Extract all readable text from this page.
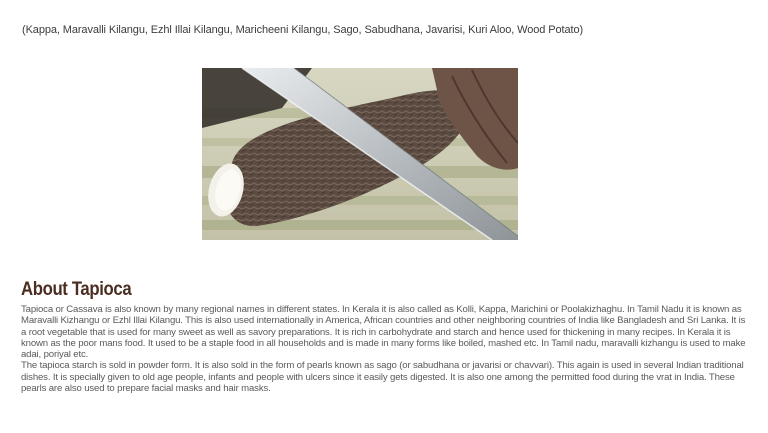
(Kappa, Maravalli Kilangu, Ezhl Illai Kilangu, Maricheeni Kilangu, Sago, Sabudhana, Javarisi, Kuri Aloo, Wood Potato)
About Tapioca

Tapioca or Cassava is also known by many regional names in different states. In Kerala it is also called as Kolli, Kappa, Marichini or Poolakizhaghu. In Tamil Nadu it is known as Maravalli Kizhangu or Ezhl Illai Kilangu. This is also used internationally in America, African countries and other neighboring countries of India like Bangladesh and Sri Lanka. It is a root vegetable that is used for many sweet as well as savory preparations. It is rich in carbohydrate and starch and hence used for thickening in many recipes. In Kerala it is known as the poor mans food. It used to be a staple food in all households and is made in many forms like boiled, mashed etc. In Tamil nadu, maravalli kizhangu is used to make adai, poriyal etc.

The tapioca starch is sold in powder form. It is also sold in the form of pearls known as sago (or sabudhana or javarisi or chavvari). This again is used in several Indian traditional dishes. It is specially given to old age people, infants and people with ulcers since it easily gets digested. It is also one among the permitted food during the vrat in India. These pearls are also used to prepare facial masks and hair masks.
